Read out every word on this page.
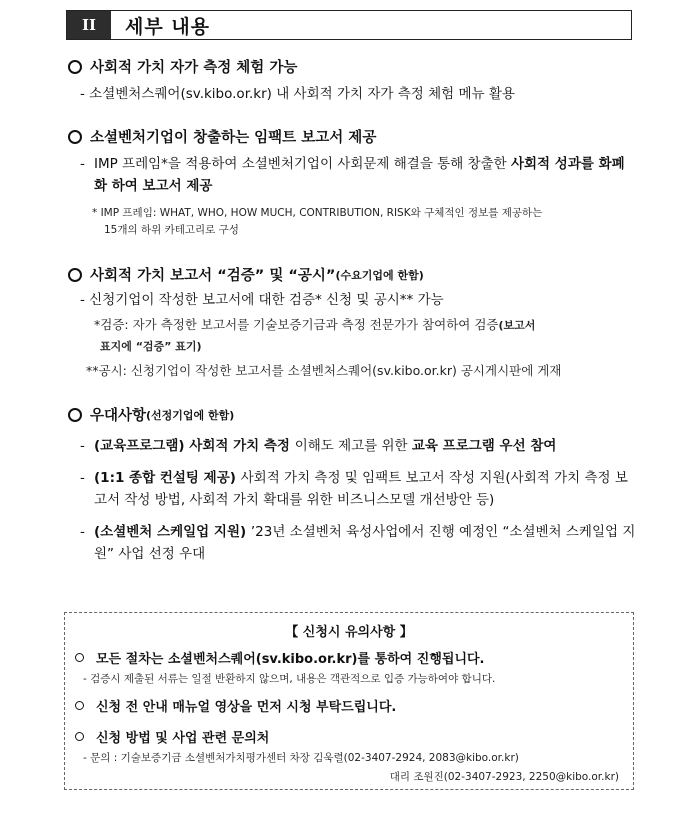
II	세부 내용
사회적 가치 자가 측정 체험 가능
- 소셜벤처스퀘어(sv.kibo.or.kr) 내 사회적 가치 자가 측정 체험 메뉴 활용
소셜벤처기업이 창출하는 임팩트 보고서 제공
- IMP 프레임*을 적용하여 소셜벤처기업이 사회문제 해결을 통해 창출한 사회적 성과를 화폐화 하여 보고서 제공
* IMP 프레임: WHAT, WHO, HOW MUCH, CONTRIBUTION, RISK와 구체적인 정보를 제공하는
15개의 하위 카테고리로 구성
사회적 가치 보고서 “검증” 및 “공시” (수요기업에 한함)
- 신청기업이 작성한 보고서에 대한 검증* 신청 및 공시** 가능
*검증: 자가 측정한 보고서를 기술보증기금과 측정 전문가가 참여하여 검증(보고서
표지에 “검증” 표기)
**공시: 신청기업이 작성한 보고서를 소셜벤처스퀘어(sv.kibo.or.kr) 공시게시판에 게재
우대사항 (선정기업에 한함)
- (교육프로그램) 사회적 가치 측정 이해도 제고를 위한 교육 프로그램 우선 참여
- (1:1 종합 컨설팅 제공) 사회적 가치 측정 및 임팩트 보고서 작성 지원(사회적 가치 측정 보고서 작성 방법, 사회적 가치 확대를 위한 비즈니스모델 개선방안 등)
- (소셜벤처 스케일업 지원) ’23년 소셜벤처 육성사업에서 진행 예정인 “소셜벤처 스케일업 지원” 사업 선정 우대
【 신청시 유의사항 】
모든 절차는 소셜벤처스퀘어(sv.kibo.or.kr)를 통하여 진행됩니다.
- 검증시 제출된 서류는 일절 반환하지 않으며, 내용은 객관적으로 입증 가능하여야 합니다.
신청 전 안내 매뉴얼 영상을 먼저 시청 부탁드립니다.
신청 방법 및 사업 관련 문의처
- 문의 : 기술보증기금 소셜벤처가치평가센터 차장 김욱렬(02-3407-2924, 2083@kibo.or.kr)
대리 조원진(02-3407-2923, 2250@kibo.or.kr)
